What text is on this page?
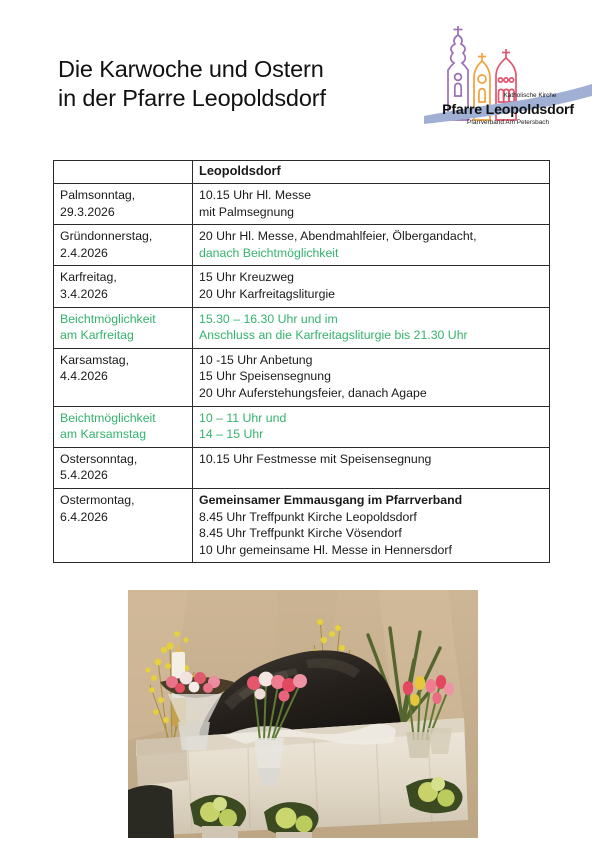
Die Karwoche und Ostern
in der Pfarre Leopoldsdorf	Katholische Kirche
Pfarre Leopoldsdorf
Pfarrverband Am Petersbach
	Leopoldsdorf

Palmsonntag,
29.3.2026	10.15 Uhr Hl. Messe
mit Palmsegnung

Gründonnerstag,
2.4.2026	20 Uhr Hl. Messe, Abendmahlfeier, Ölbergandacht,
danach Beichtmöglichkeit

Karfreitag,
3.4.2026	15 Uhr Kreuzweg
20 Uhr Karfreitagsliturgie

Beichtmöglichkeit
am Karfreitag	15.30 – 16.30 Uhr und im
Anschluss an die Karfreitagsliturgie bis 21.30 Uhr

Karsamstag,
4.4.2026	10 -15 Uhr Anbetung
15 Uhr Speisensegnung
20 Uhr Auferstehungsfeier, danach Agape

Beichtmöglichkeit
am Karsamstag	10 – 11 Uhr und
14 – 15 Uhr

Ostersonntag,
5.4.2026	10.15 Uhr Festmesse mit Speisensegnung

Ostermontag,
6.4.2026	Gemeinsamer Emmausgang im Pfarrverband
8.45 Uhr Treffpunkt Kirche Leopoldsdorf
8.45 Uhr Treffpunkt Kirche Vösendorf
10 Uhr gemeinsame Hl. Messe in Hennersdorf
